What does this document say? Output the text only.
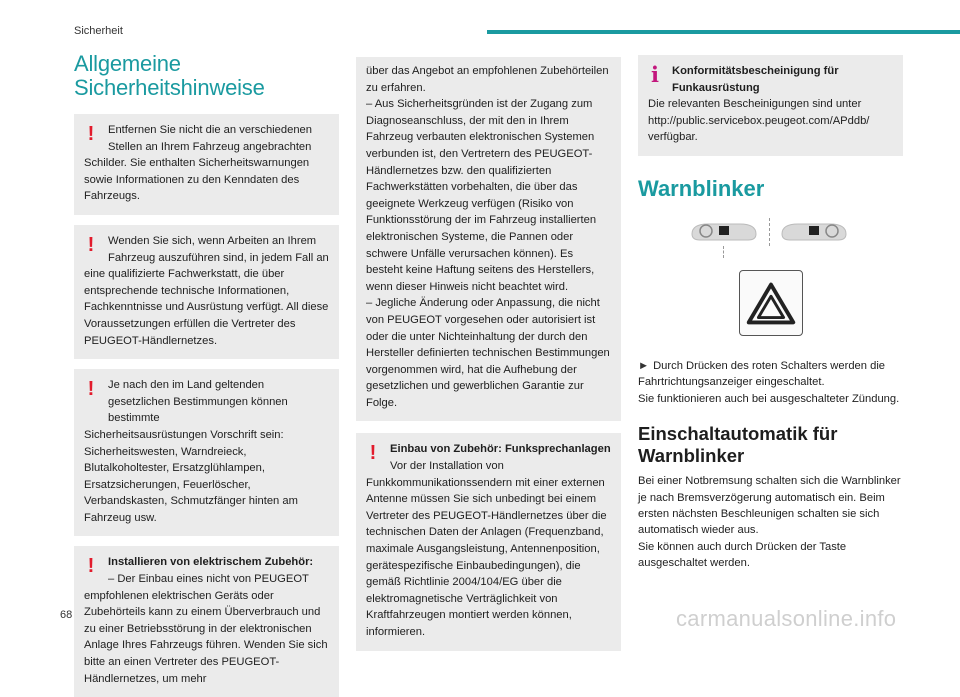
Sicherheit
Allgemeine
Sicherheitshinweise
!	Entfernen Sie nicht die an verschiedenen Stellen an Ihrem Fahrzeug angebrachten

Schilder. Sie enthalten Sicherheitswarnungen sowie Informationen zu den Kenndaten des Fahrzeugs.

!	Wenden Sie sich, wenn Arbeiten an Ihrem Fahrzeug auszuführen sind, in jedem Fall an

eine qualifizierte Fachwerkstatt, die über entsprechende technische Informationen, Fachkenntnisse und Ausrüstung verfügt. All diese Voraussetzungen erfüllen die Vertreter des PEUGEOT-Händlernetzes.

!	Je nach den im Land geltenden gesetzlichen Bestimmungen können bestimmte

Sicherheitsausrüstungen Vorschrift sein: Sicherheitswesten, Warndreieck, Blutalkoholtester, Ersatzglühlampen, Ersatzsicherungen, Feuerlöscher, Verbandskasten, Schmutzfänger hinten am Fahrzeug usw.

!	Installieren von elektrischem Zubehör:
– Der Einbau eines nicht von PEUGEOT

empfohlenen elektrischen Geräts oder Zubehörteils kann zu einem Überverbrauch und zu einer Betriebsstörung in der elektronischen Anlage Ihres Fahrzeugs führen. Wenden Sie sich bitte an einen Vertreter des PEUGEOT-Händlernetzes, um mehr

über das Angebot an empfohlenen Zubehörteilen zu erfahren.

– Aus Sicherheitsgründen ist der Zugang zum Diagnoseanschluss, der mit den in Ihrem Fahrzeug verbauten elektronischen Systemen verbunden ist, den Vertretern des PEUGEOT-Händlernetzes bzw. den qualifizierten Fachwerkstätten vorbehalten, die über das geeignete Werkzeug verfügen (Risiko von Funktionsstörung der im Fahrzeug installierten elektronischen Systeme, die Pannen oder schwere Unfälle verursachen können). Es besteht keine Haftung seitens des Herstellers, wenn dieser Hinweis nicht beachtet wird.

– Jegliche Änderung oder Anpassung, die nicht von PEUGEOT vorgesehen oder autorisiert ist oder die unter Nichteinhaltung der durch den Hersteller definierten technischen Bestimmungen vorgenommen wird, hat die Aufhebung der gesetzlichen und gewerblichen Garantie zur Folge.

!	Einbau von Zubehör: Funksprechanlagen
Vor der Installation von

Funkkommunikationssendern mit einer externen Antenne müssen Sie sich unbedingt bei einem Vertreter des PEUGEOT-Händlernetzes über die technischen Daten der Anlagen (Frequenzband, maximale Ausgangsleistung, Antennenposition, gerätespezifische Einbaubedingungen), die gemäß Richtlinie 2004/104/EG über die elektromagnetische Verträglichkeit von Kraftfahrzeugen montiert werden können, informieren.

i	Konformitätsbescheinigung für Funkausrüstung

Die relevanten Bescheinigungen sind unter http://public.servicebox.peugeot.com/APddb/ verfügbar.

Warnblinker

► Durch Drücken des roten Schalters werden die Fahrtrichtungsanzeiger eingeschaltet.

Sie funktionieren auch bei ausgeschalteter Zündung.

Einschaltautomatik für
Warnblinker

Bei einer Notbremsung schalten sich die Warnblinker je nach Bremsverzögerung automatisch ein. Beim ersten nächsten Beschleunigen schalten sie sich automatisch wieder aus.

Sie können auch durch Drücken der Taste ausgeschaltet werden.

68	carmanualsonline.info
